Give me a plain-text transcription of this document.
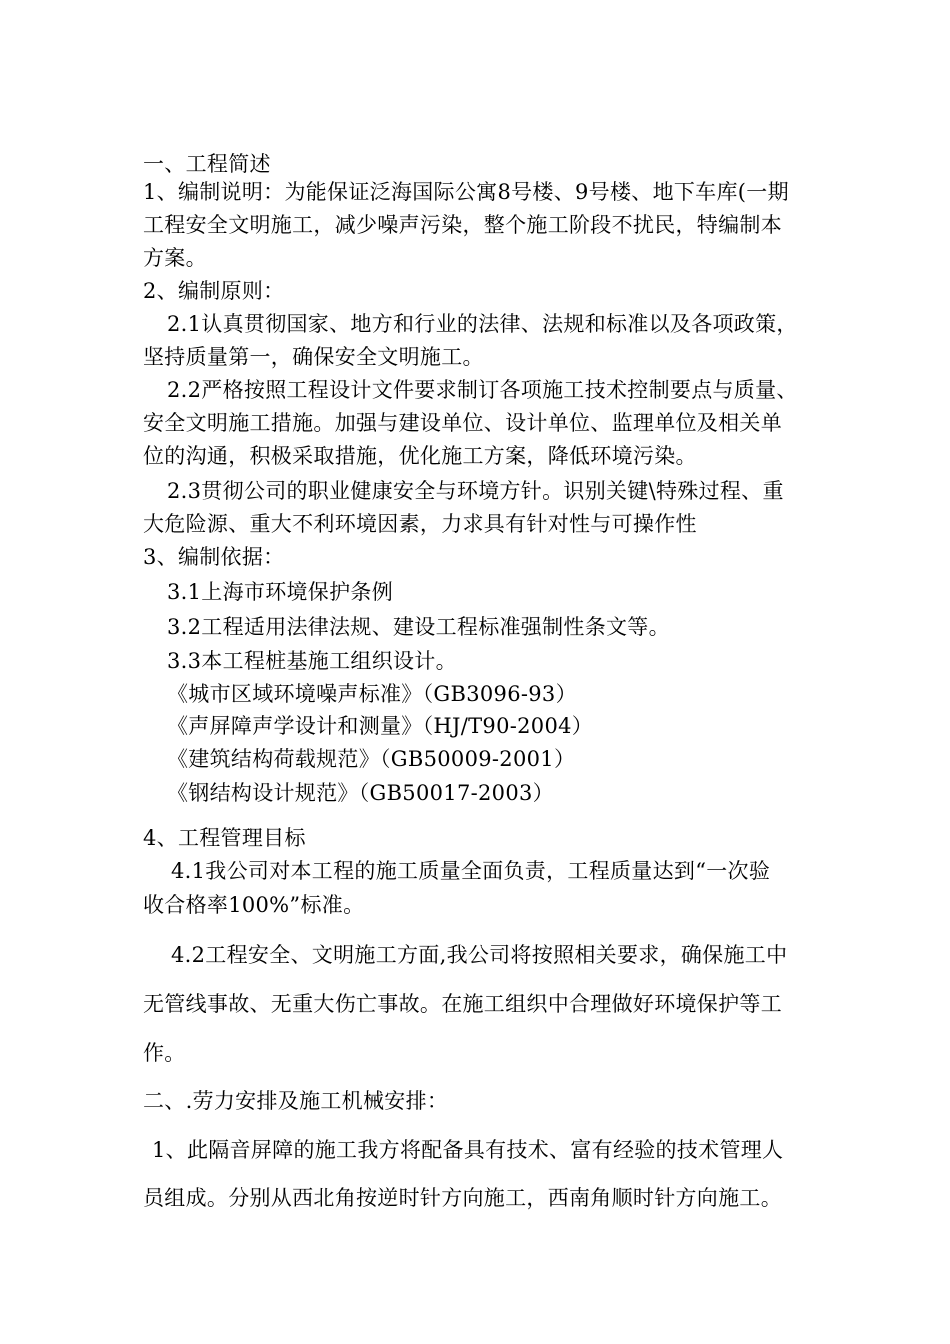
一、工程简述
1、编制说明：为能保证泛海国际公寓8号楼、9号楼、地下车库(一期
工程安全文明施工，减少噪声污染，整个施工阶段不扰民，特编制本
方案。
2、编制原则：
2.1认真贯彻国家、地方和行业的法律、法规和标准以及各项政策，
坚持质量第一，确保安全文明施工。
2.2严格按照工程设计文件要求制订各项施工技术控制要点与质量、
安全文明施工措施。加强与建设单位、设计单位、监理单位及相关单
位的沟通，积极采取措施，优化施工方案，降低环境污染。
2.3贯彻公司的职业健康安全与环境方针。识别关键\特殊过程、重
大危险源、重大不利环境因素，力求具有针对性与可操作性
3、编制依据：
3.1上海市环境保护条例
3.2工程适用法律法规、建设工程标准强制性条文等。
3.3本工程桩基施工组织设计。
《城市区域环境噪声标准》（GB3096-93）
《声屏障声学设计和测量》（HJ/T90-2004）
《建筑结构荷载规范》（GB50009-2001）
《钢结构设计规范》（GB50017-2003）
4、工程管理目标
4.1我公司对本工程的施工质量全面负责，工程质量达到“一次验
收合格率100%”标准。
4.2工程安全、文明施工方面,我公司将按照相关要求，确保施工中
无管线事故、无重大伤亡事故。在施工组织中合理做好环境保护等工
作。
二、.劳力安排及施工机械安排：
1、此隔音屏障的施工我方将配备具有技术、富有经验的技术管理人
员组成。分别从西北角按逆时针方向施工，西南角顺时针方向施工。
